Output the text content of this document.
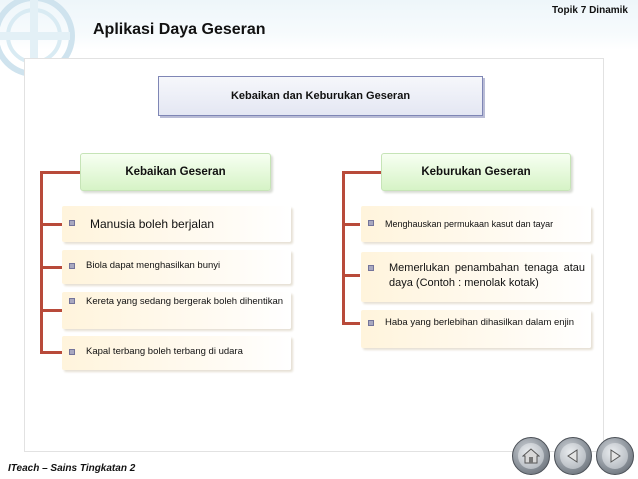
Topik 7 Dinamik
Aplikasi Daya Geseran
Kebaikan dan Keburukan Geseran
Kebaikan Geseran	Keburukan Geseran
Manusia boleh berjalan
Biola dapat menghasilkan bunyi
Kereta yang sedang bergerak boleh dihentikan
Kapal terbang boleh terbang di udara
Menghauskan permukaan kasut dan tayar
Memerlukan penambahan tenaga atau daya (Contoh : menolak kotak)
Haba yang berlebihan dihasilkan dalam enjin
ITeach – Sains Tingkatan 2
